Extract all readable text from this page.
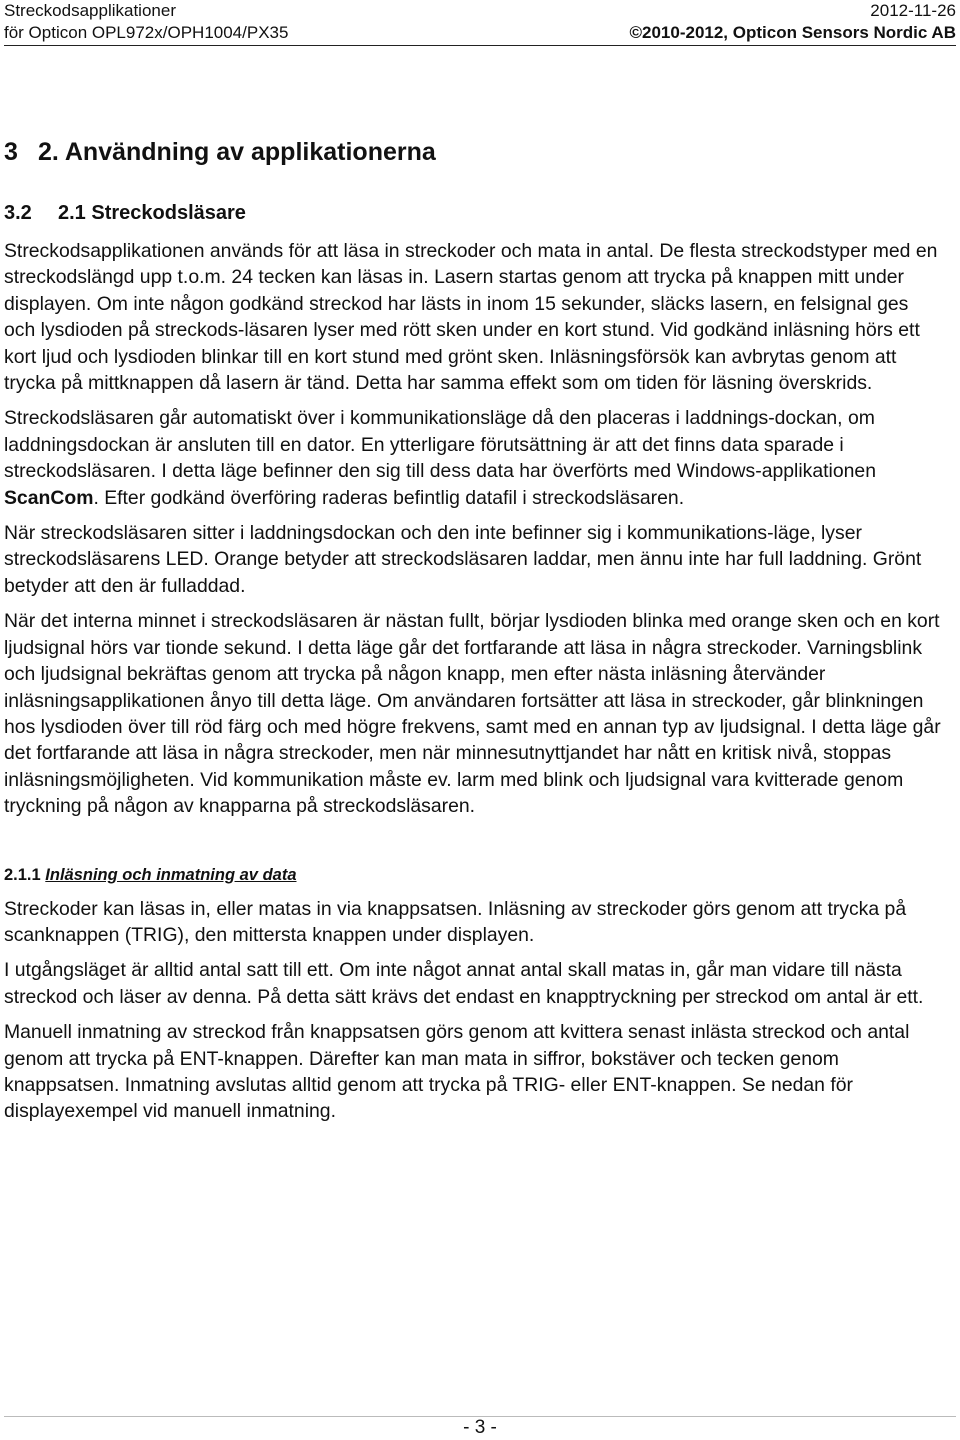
Streckodsapplikationer	2012-11-26
för Opticon OPL972x/OPH1004/PX35	©2010-2012, Opticon Sensors Nordic AB
3 2. Användning av applikationerna
3.2 2.1 Streckodsläsare

Streckodsapplikationen används för att läsa in streckoder och mata in antal. De flesta streckodstyper med en streckodslängd upp t.o.m. 24 tecken kan läsas in. Lasern startas genom att trycka på knappen mitt under displayen. Om inte någon godkänd streckod har lästs in inom 15 sekunder, släcks lasern, en felsignal ges och lysdioden på streckods-läsaren lyser med rött sken under en kort stund. Vid godkänd inläsning hörs ett kort ljud och lysdioden blinkar till en kort stund med grönt sken. Inläsningsförsök kan avbrytas genom att trycka på mittknappen då lasern är tänd. Detta har samma effekt som om tiden för läsning överskrids.

Streckodsläsaren går automatiskt över i kommunikationsläge då den placeras i laddnings-dockan, om laddningsdockan är ansluten till en dator. En ytterligare förutsättning är att det finns data sparade i streckodsläsaren. I detta läge befinner den sig till dess data har överförts med Windows-applikationen ScanCom. Efter godkänd överföring raderas befintlig datafil i streckodsläsaren.

När streckodsläsaren sitter i laddningsdockan och den inte befinner sig i kommunikations-läge, lyser streckodsläsarens LED. Orange betyder att streckodsläsaren laddar, men ännu inte har full laddning. Grönt betyder att den är fulladdad.

När det interna minnet i streckodsläsaren är nästan fullt, börjar lysdioden blinka med orange sken och en kort ljudsignal hörs var tionde sekund. I detta läge går det fortfarande att läsa in några streckoder. Varningsblink och ljudsignal bekräftas genom att trycka på någon knapp, men efter nästa inläsning återvänder inläsningsapplikationen ånyo till detta läge. Om användaren fortsätter att läsa in streckoder, går blinkningen hos lysdioden över till röd färg och med högre frekvens, samt med en annan typ av ljudsignal. I detta läge går det fortfarande att läsa in några streckoder, men när minnesutnyttjandet har nått en kritisk nivå, stoppas inläsningsmöjligheten. Vid kommunikation måste ev. larm med blink och ljudsignal vara kvitterade genom tryckning på någon av knapparna på streckodsläsaren.

2.1.1 Inläsning och inmatning av data

Streckoder kan läsas in, eller matas in via knappsatsen. Inläsning av streckoder görs genom att trycka på scanknappen (TRIG), den mittersta knappen under displayen.

I utgångsläget är alltid antal satt till ett. Om inte något annat antal skall matas in, går man vidare till nästa streckod och läser av denna. På detta sätt krävs det endast en knapptryckning per streckod om antal är ett.

Manuell inmatning av streckod från knappsatsen görs genom att kvittera senast inlästa streckod och antal genom att trycka på ENT-knappen. Därefter kan man mata in siffror, bokstäver och tecken genom knappsatsen. Inmatning avslutas alltid genom att trycka på TRIG- eller ENT-knappen. Se nedan för displayexempel vid manuell inmatning.

- 3 -
